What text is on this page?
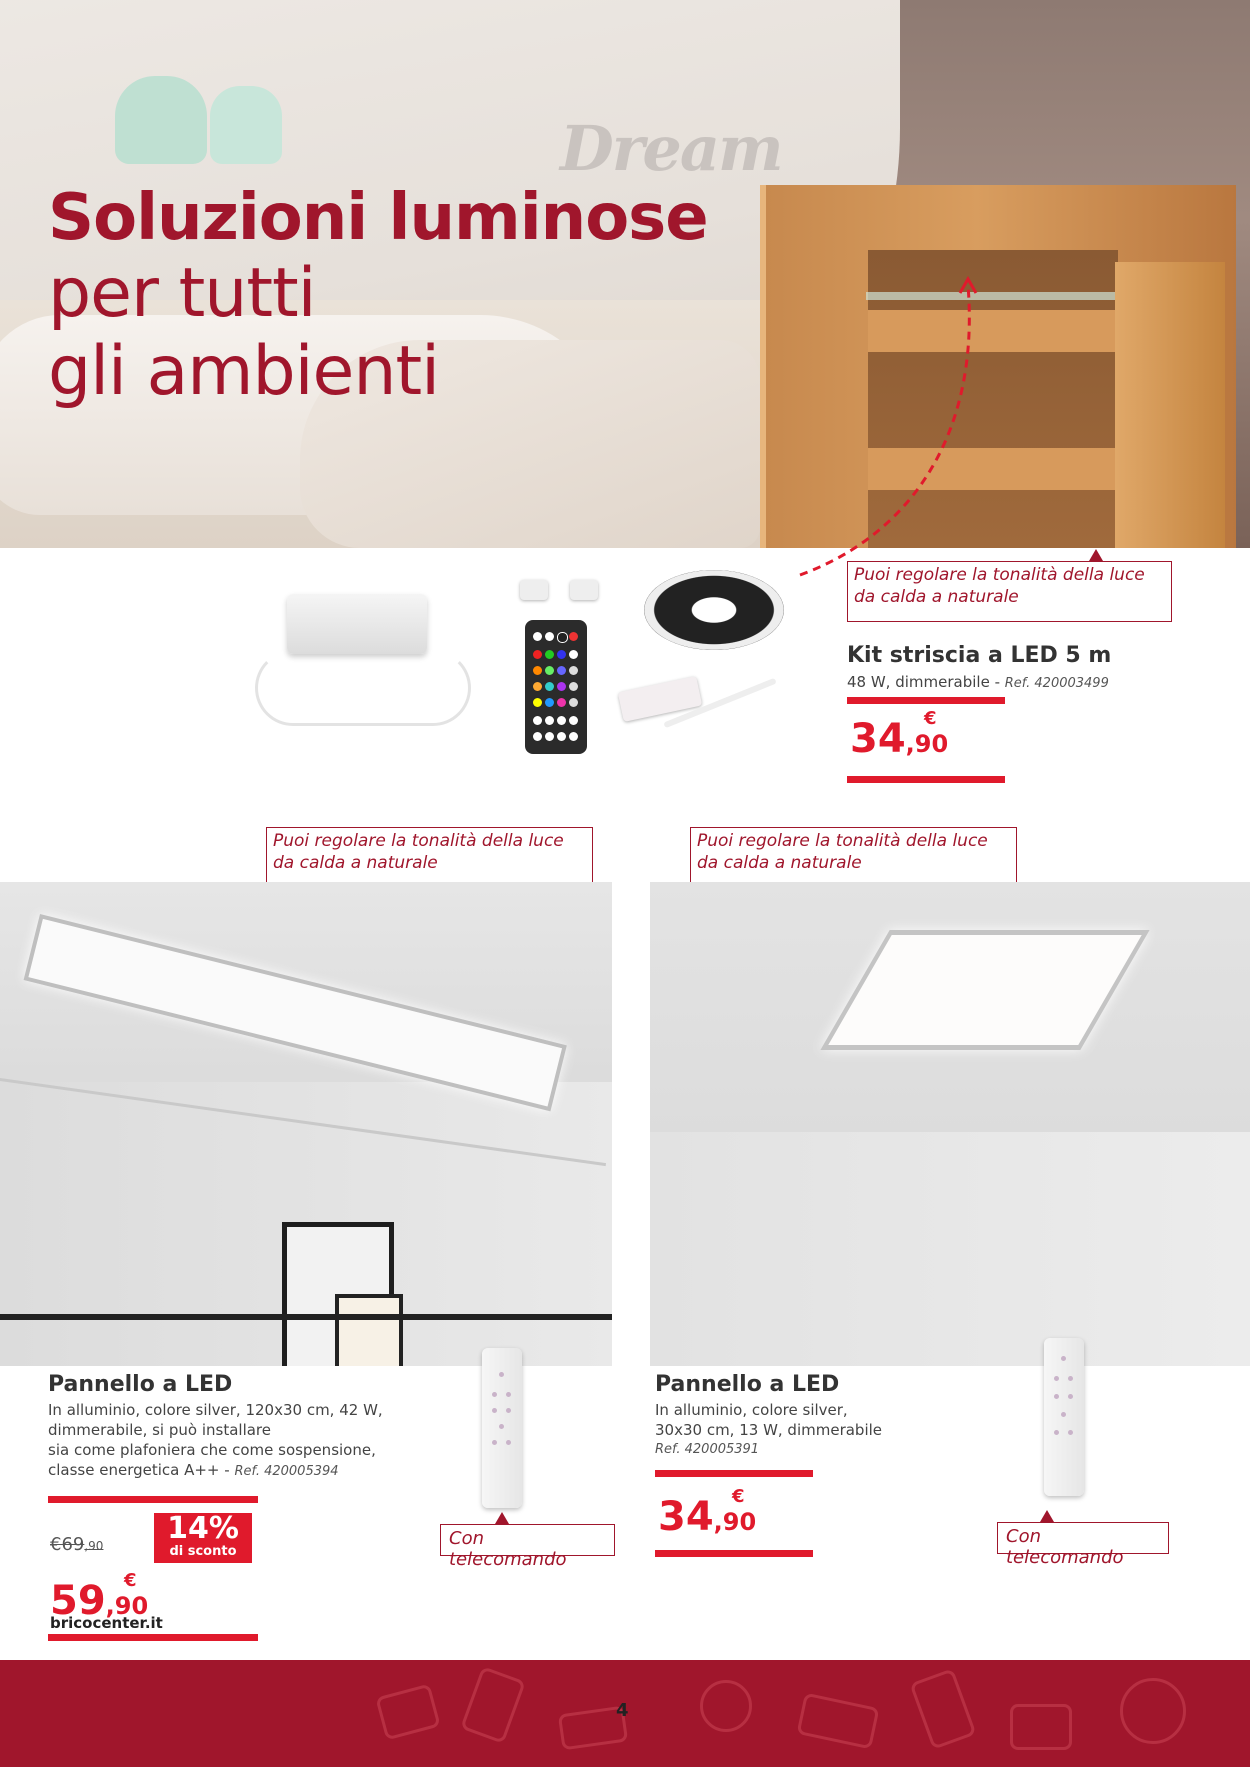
Dream
Soluzioni luminose
per tutti
gli ambienti
Puoi regolare la tonalità della luce
da calda a naturale
Kit striscia a LED 5 m
48 W, dimmerabile - Ref. 420003499
34,90
€
Puoi regolare la tonalità della luce
da calda a naturale
Puoi regolare la tonalità della luce
da calda a naturale
Pannello a LED
In alluminio, colore silver, 120x30 cm, 42 W,
dimmerabile, si può installare
sia come plafoniera che come sospensione,
classe energetica A++ - Ref. 420005394
€69,90	14%
di sconto
59,90
€
Con telecomando
Pannello a LED
In alluminio, colore silver,
30x30 cm, 13 W, dimmerabile
Ref. 420005391
34,90
€
Con telecomando
bricocenter.it
4
